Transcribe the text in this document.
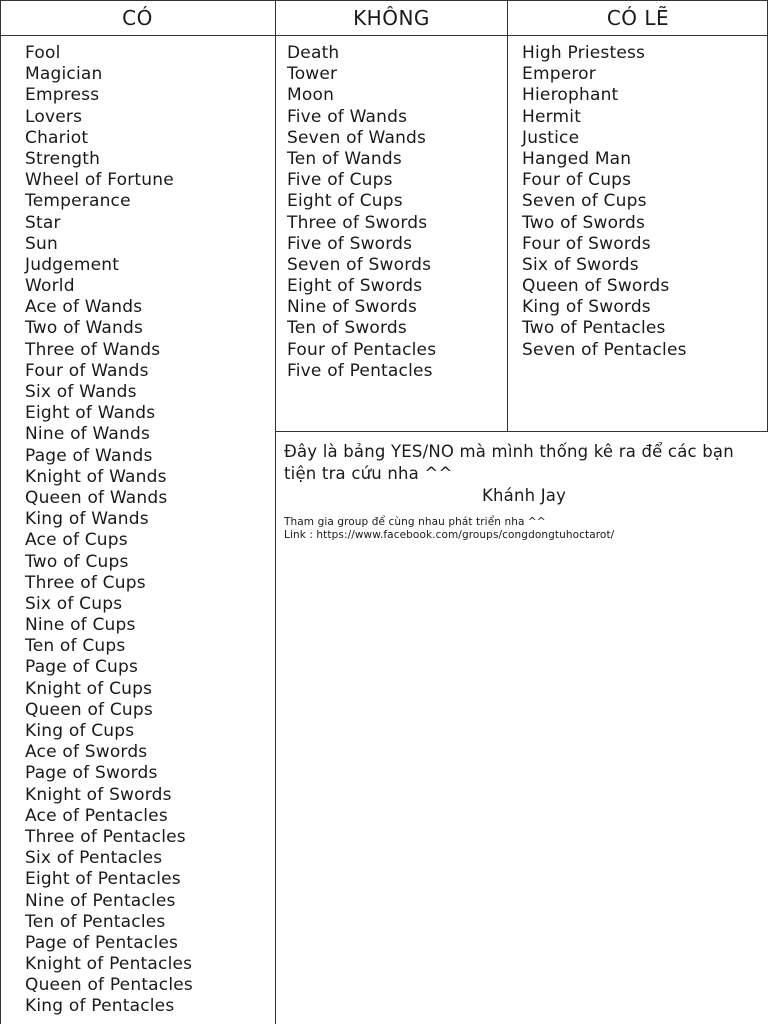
CÓ	KHÔNG	CÓ LẼ
Fool
Magician
Empress
Lovers
Chariot
Strength
Wheel of Fortune
Temperance
Star
Sun
Judgement
World
Ace of Wands
Two of Wands
Three of Wands
Four of Wands
Six of Wands
Eight of Wands
Nine of Wands
Page of Wands
Knight of Wands
Queen of Wands
King of Wands
Ace of Cups
Two of Cups
Three of Cups
Six of Cups
Nine of Cups
Ten of Cups
Page of Cups
Knight of Cups
Queen of Cups
King of Cups
Ace of Swords
Page of Swords
Knight of Swords
Ace of Pentacles
Three of Pentacles
Six of Pentacles
Eight of Pentacles
Nine of Pentacles
Ten of Pentacles
Page of Pentacles
Knight of Pentacles
Queen of Pentacles
King of Pentacles
Death
Tower
Moon
Five of Wands
Seven of Wands
Ten of Wands
Five of Cups
Eight of Cups
Three of Swords
Five of Swords
Seven of Swords
Eight of Swords
Nine of Swords
Ten of Swords
Four of Pentacles
Five of Pentacles
High Priestess
Emperor
Hierophant
Hermit
Justice
Hanged Man
Four of Cups
Seven of Cups
Two of Swords
Four of Swords
Six of Swords
Queen of Swords
King of Swords
Two of Pentacles
Seven of Pentacles
Đây là bảng YES/NO mà mình thống kê ra để các bạn tiện tra cứu nha ^^
Khánh Jay
Tham gia group để cùng nhau phát triển nha ^^
Link : https://www.facebook.com/groups/congdongtuhoctarot/
